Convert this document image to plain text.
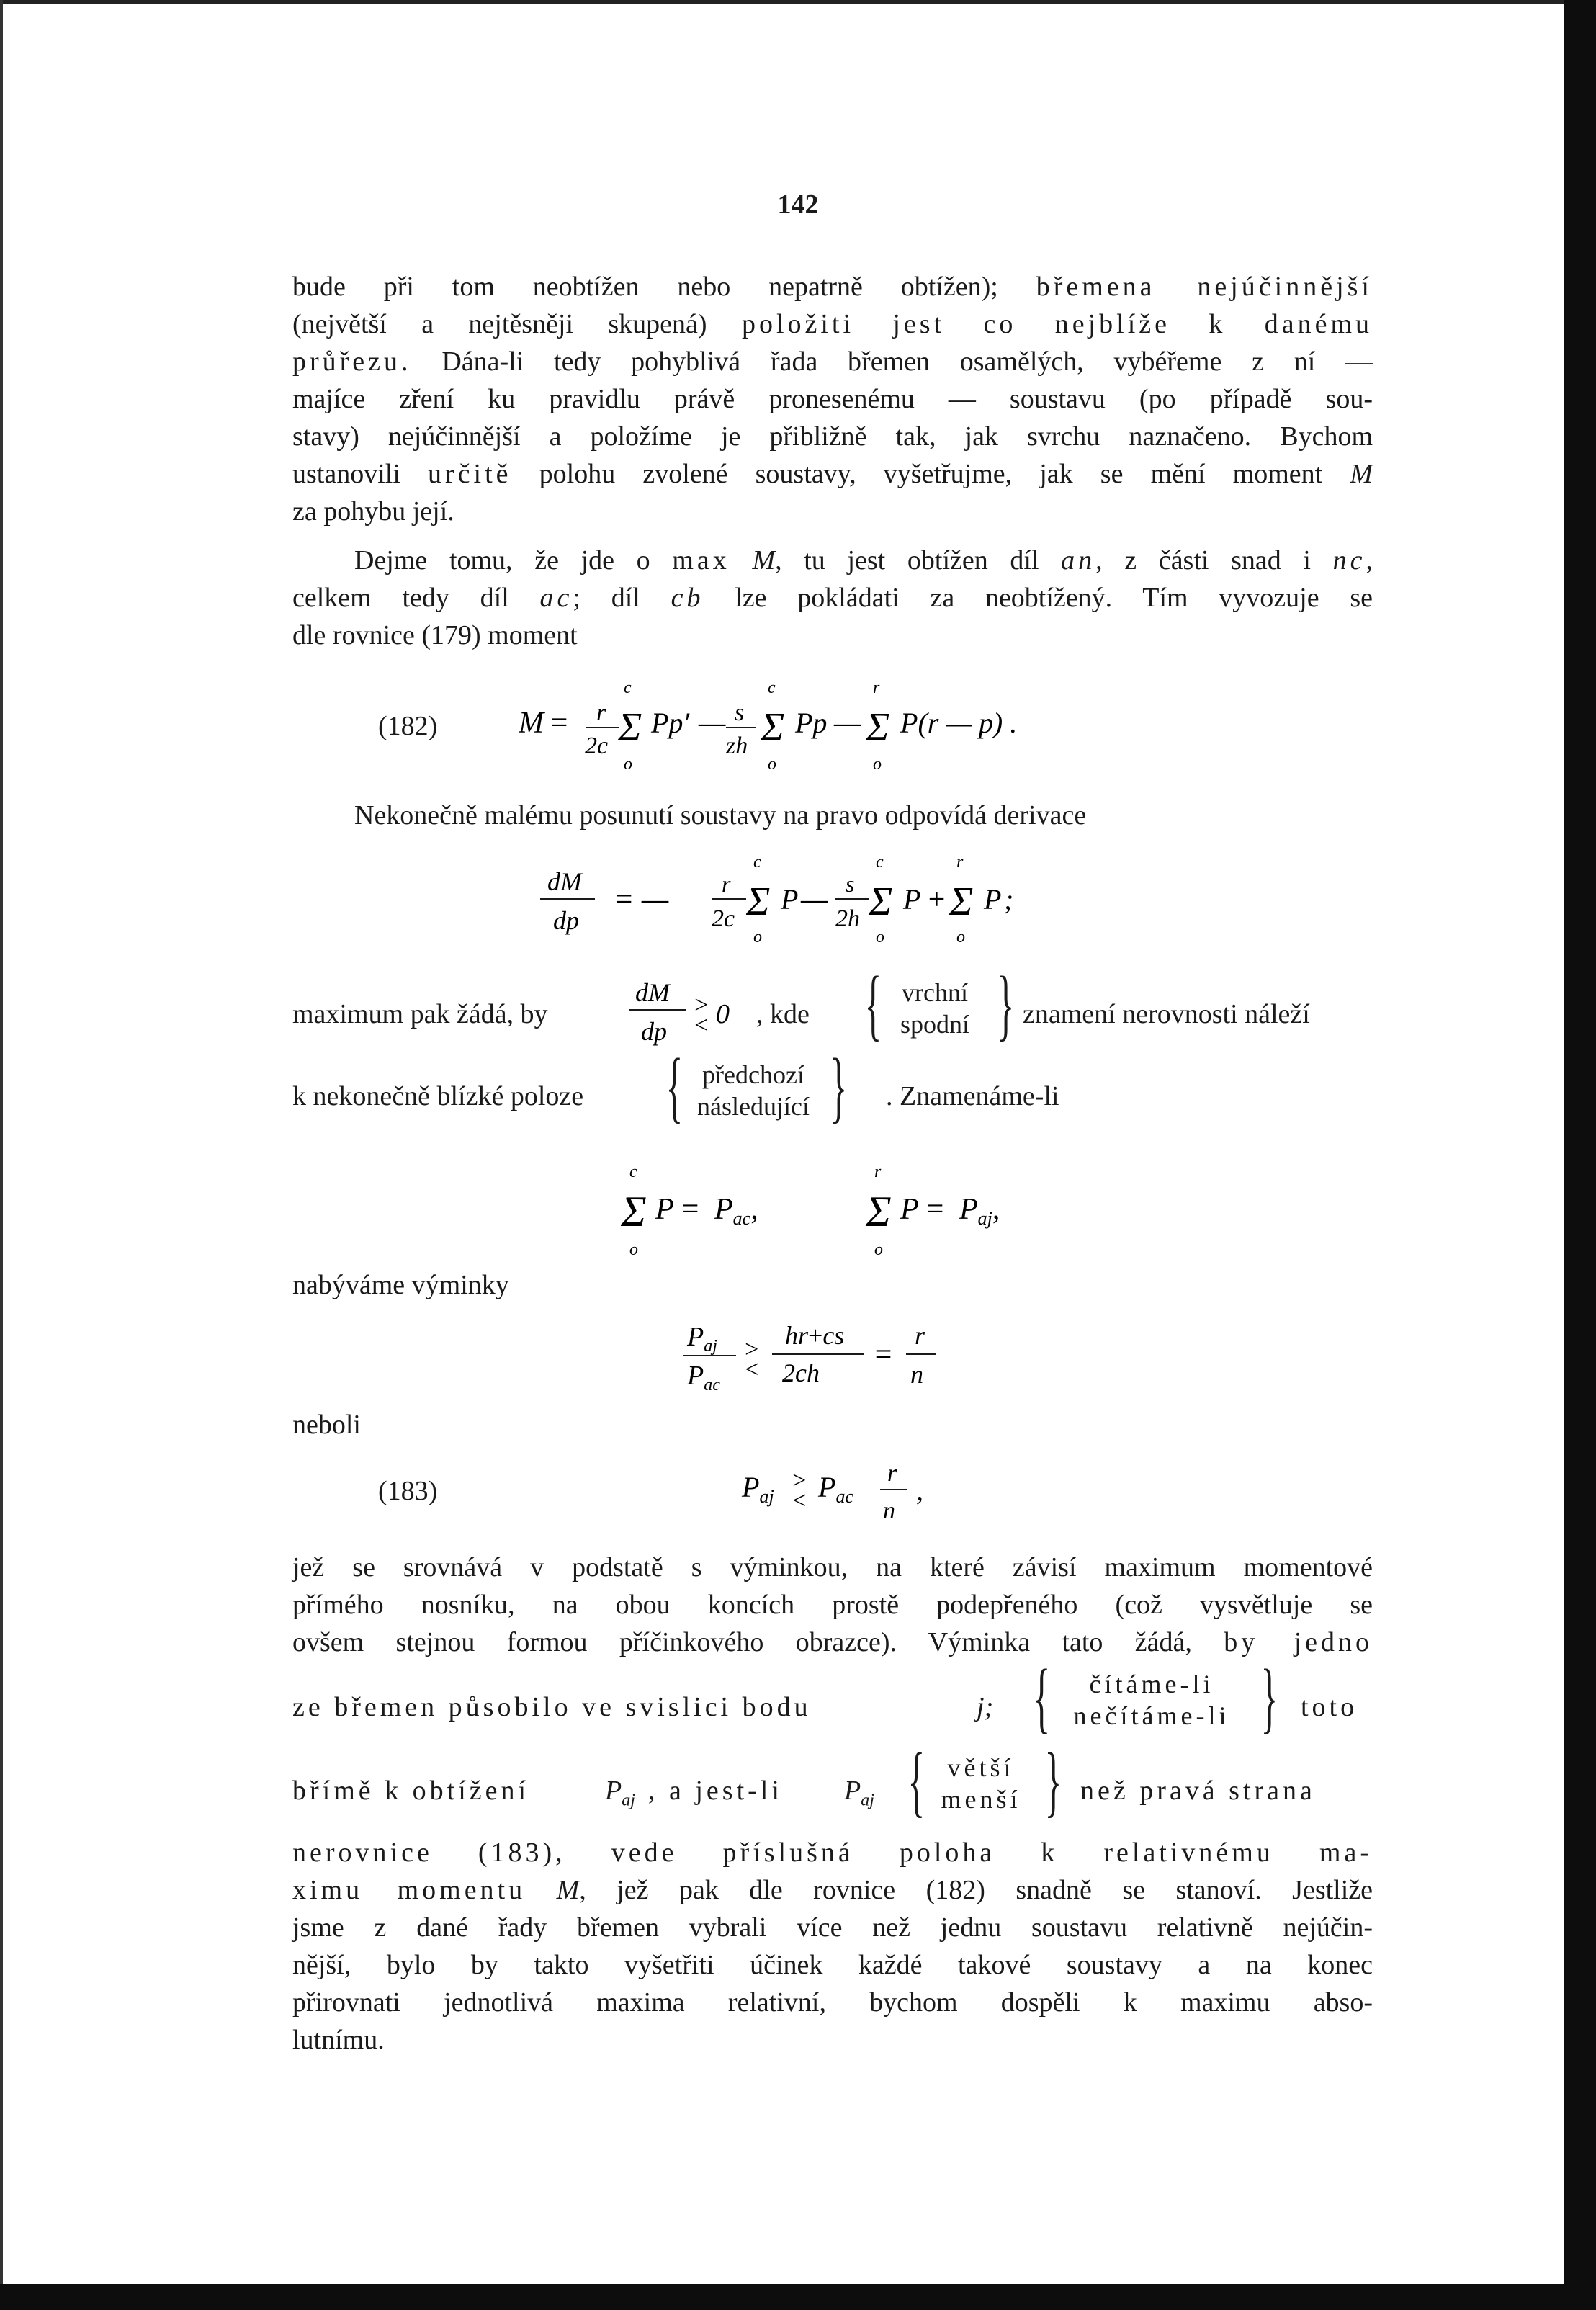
142
bude při tom neobtížen nebo nepatrně obtížen); břemena nejúčinnější
(největší a nejtěsněji skupená) položiti jest co nejblíže k danému
průřezu. Dána-li tedy pohyblivá řada břemen osamělých, vybéřeme z ní —
majíce zření ku pravidlu právě pronesenému — soustavu (po případě sou-
stavy) nejúčinnější a položíme je přibližně tak, jak svrchu naznačeno. Bychom
ustanovili určitě polohu zvolené soustavy, vyšetřujme, jak se mění moment M
za pohybu její.
Dejme tomu, že jde o max M, tu jest obtížen díl an, z části snad i nc,
celkem tedy díl ac; díl cb lze pokládati za neobtížený. Tím vyvozuje se
dle rovnice (179) moment
(182)	M = r
2c
c
Σ
o
Pp′ — s
zh
c
Σ
o
Pp —
r
Σ
o
P(r — p) .
Nekonečně malému posunutí soustavy na pravo odpovídá derivace
dM
dp
= — r
2c
c
Σ
o
P — s
2h
c
Σ
o
P +
r
Σ
o
P ;
maximum pak žádá, by
dM
dp
>
< 0 , kde { vrchní
spodní } znamení nerovnosti náleží
k nekonečně blízké poloze { předchozí
následující } . Znamenáme-li
c
Σ
o
P = Pac,
r
Σ
o
P = Paj,
nabýváme výminky
$P_{aj}$
$P_{ac}$
>
<
hr+cs
2ch
=
r
n
neboli
(183)	$P_{aj}$
>
< $P_{ac}$
r
n
,
jež se srovnává v podstatě s výminkou, na které závisí maximum momentové
přímého nosníku, na obou koncích prostě podepřeného (což vysvětluje se
ovšem stejnou formou příčinkového obrazce). Výminka tato žádá, by jedno
ze břemen působilo ve svislici bodu	j; {	čítáme-li
nečítáme-li } toto
břímě k obtížení	$P_{aj}$ , a jest-li $P_{aj}$ { větší
menší } než pravá strana
nerovnice (183), vede příslušná poloha k relativnému ma-
ximu momentu M, jež pak dle rovnice (182) snadně se stanoví. Jestliže
jsme z dané řady břemen vybrali více než jednu soustavu relativně nejúčin-
nější, bylo by takto vyšetřiti účinek každé takové soustavy a na konec
přirovnati jednotlivá maxima relativní, bychom dospěli k maximu abso-
lutnímu.
